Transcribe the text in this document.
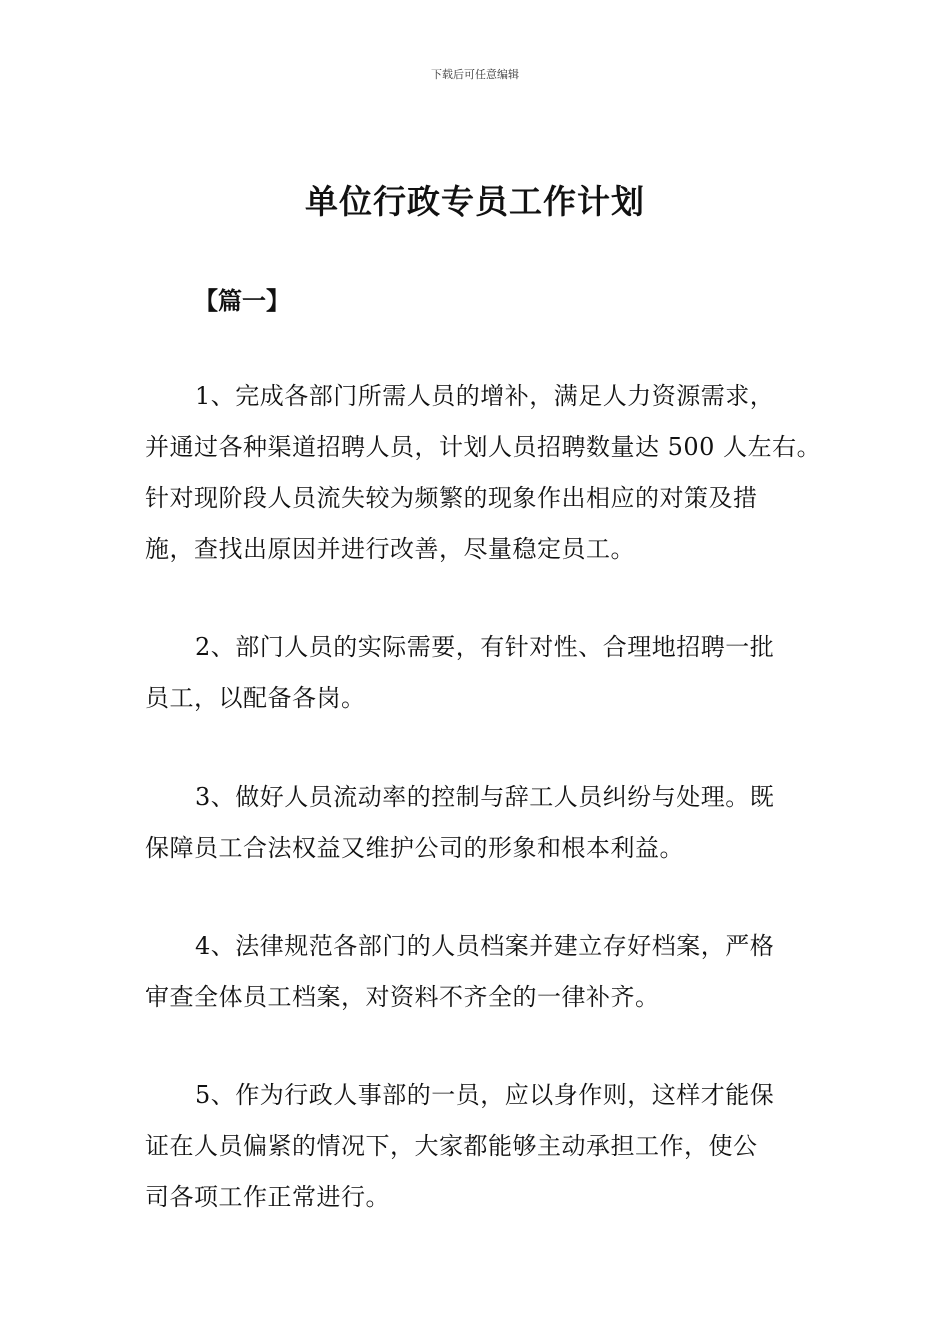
下载后可任意编辑
单位行政专员工作计划
【篇一】
1、完成各部门所需人员的增补，满足人力资源需求，
并通过各种渠道招聘人员，计划人员招聘数量达 500 人左右。
针对现阶段人员流失较为频繁的现象作出相应的对策及措
施，查找出原因并进行改善，尽量稳定员工。
2、部门人员的实际需要，有针对性、合理地招聘一批
员工，以配备各岗。
3、做好人员流动率的控制与辞工人员纠纷与处理。既
保障员工合法权益又维护公司的形象和根本利益。
4、法律规范各部门的人员档案并建立存好档案，严格
审查全体员工档案，对资料不齐全的一律补齐。
5、作为行政人事部的一员，应以身作则，这样才能保
证在人员偏紧的情况下，大家都能够主动承担工作，使公
司各项工作正常进行。
